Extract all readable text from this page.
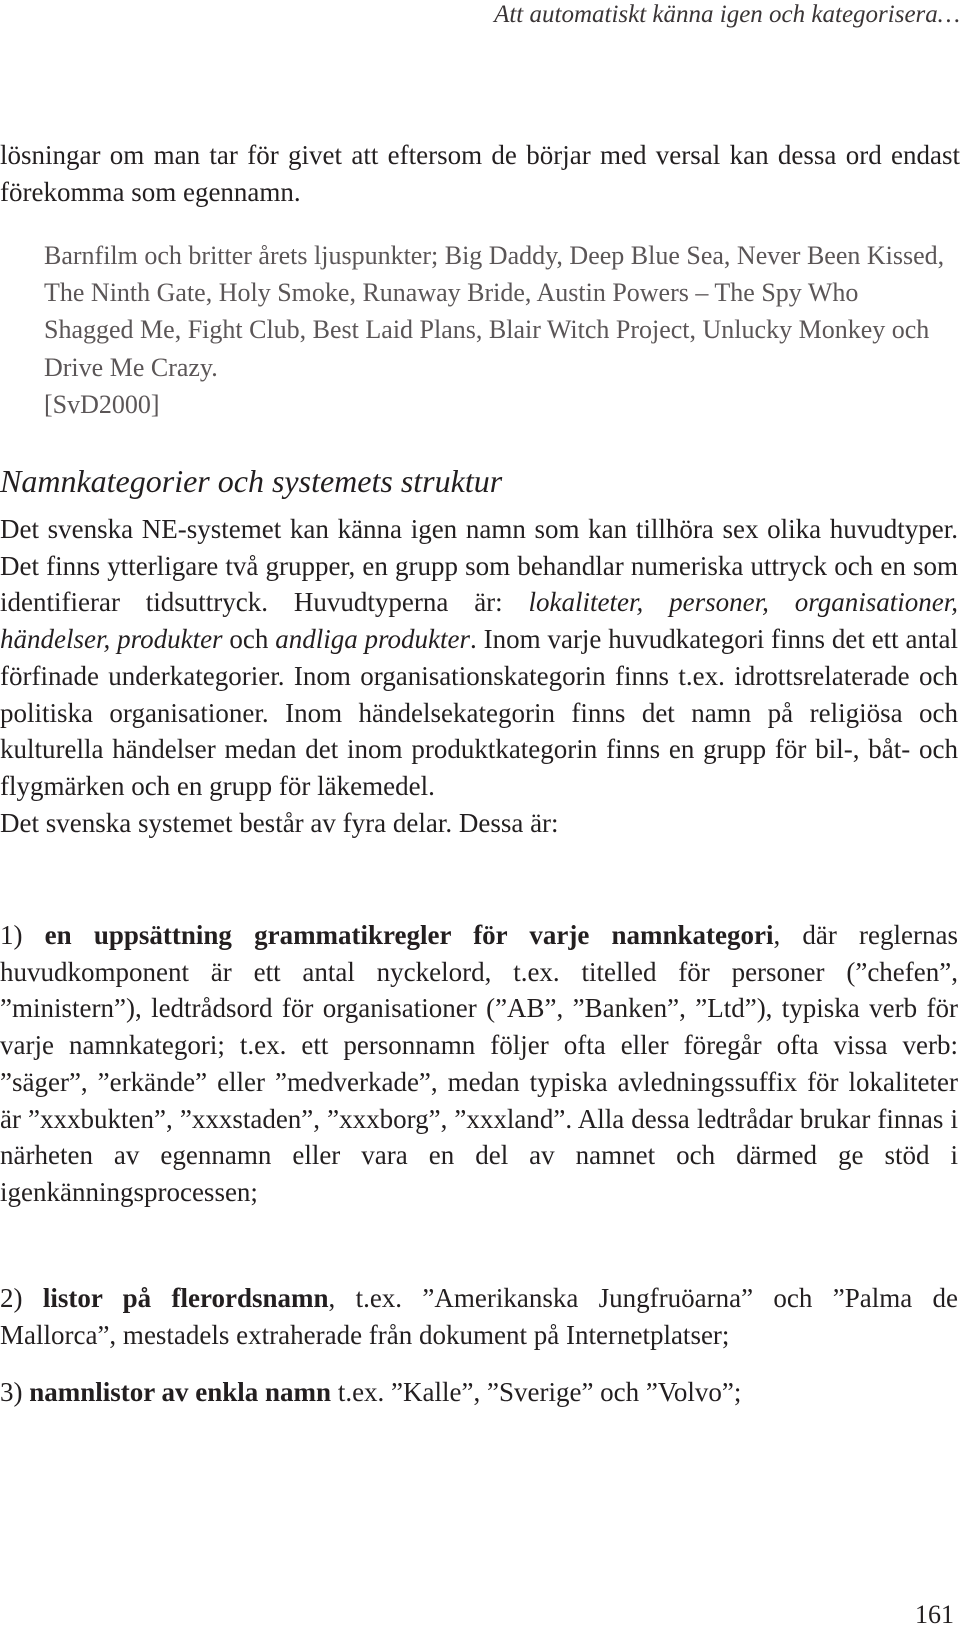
Att automatiskt känna igen och kategorisera…

lösningar om man tar för givet att eftersom de börjar med versal kan dessa ord endast förekomma som egennamn.

Barnfilm och britter årets ljuspunkter; Big Daddy, Deep Blue Sea, Never Been Kissed, The Ninth Gate, Holy Smoke, Runaway Bride, Austin Powers – The Spy Who Shagged Me, Fight Club, Best Laid Plans, Blair Witch Project, Unlucky Monkey och Drive Me Crazy.
[SvD2000]
Namnkategorier och systemets struktur
Det svenska NE-systemet kan känna igen namn som kan tillhöra sex olika huvudtyper. Det finns ytterligare två grupper, en grupp som behandlar numeriska uttryck och en som identifierar tidsuttryck. Huvudtyperna är: lokaliteter, personer, organisationer, händelser, produkter och andliga produkter. Inom varje huvudkategori finns det ett antal förfinade underkategorier. Inom organisationskategorin finns t.ex. idrottsrelaterade och politiska organisationer. Inom händelsekategorin finns det namn på religiösa och kulturella händelser medan det inom produktkategorin finns en grupp för bil-, båt- och flygmärken och en grupp för läkemedel.
Det svenska systemet består av fyra delar. Dessa är:

1) en uppsättning grammatikregler för varje namnkategori, där reglernas huvudkomponent är ett antal nyckelord, t.ex. titelled för personer (”chefen”, ”ministern”), ledtrådsord för organisationer (”AB”, ”Banken”, ”Ltd”), typiska verb för varje namnkategori; t.ex. ett personnamn följer ofta eller föregår ofta vissa verb: ”säger”, ”erkände” eller ”medverkade”, medan typiska avledningssuffix för lokaliteter är ”xxxbukten”, ”xxxstaden”, ”xxxborg”, ”xxxland”. Alla dessa ledtrådar brukar finnas i närheten av egennamn eller vara en del av namnet och därmed ge stöd i igenkänningsprocessen;

2) listor på flerordsnamn, t.ex. ”Amerikanska Jungfruöarna” och ”Palma de Mallorca”, mestadels extraherade från dokument på Internetplatser;

3) namnlistor av enkla namn t.ex. ”Kalle”, ”Sverige” och ”Volvo”;

161
